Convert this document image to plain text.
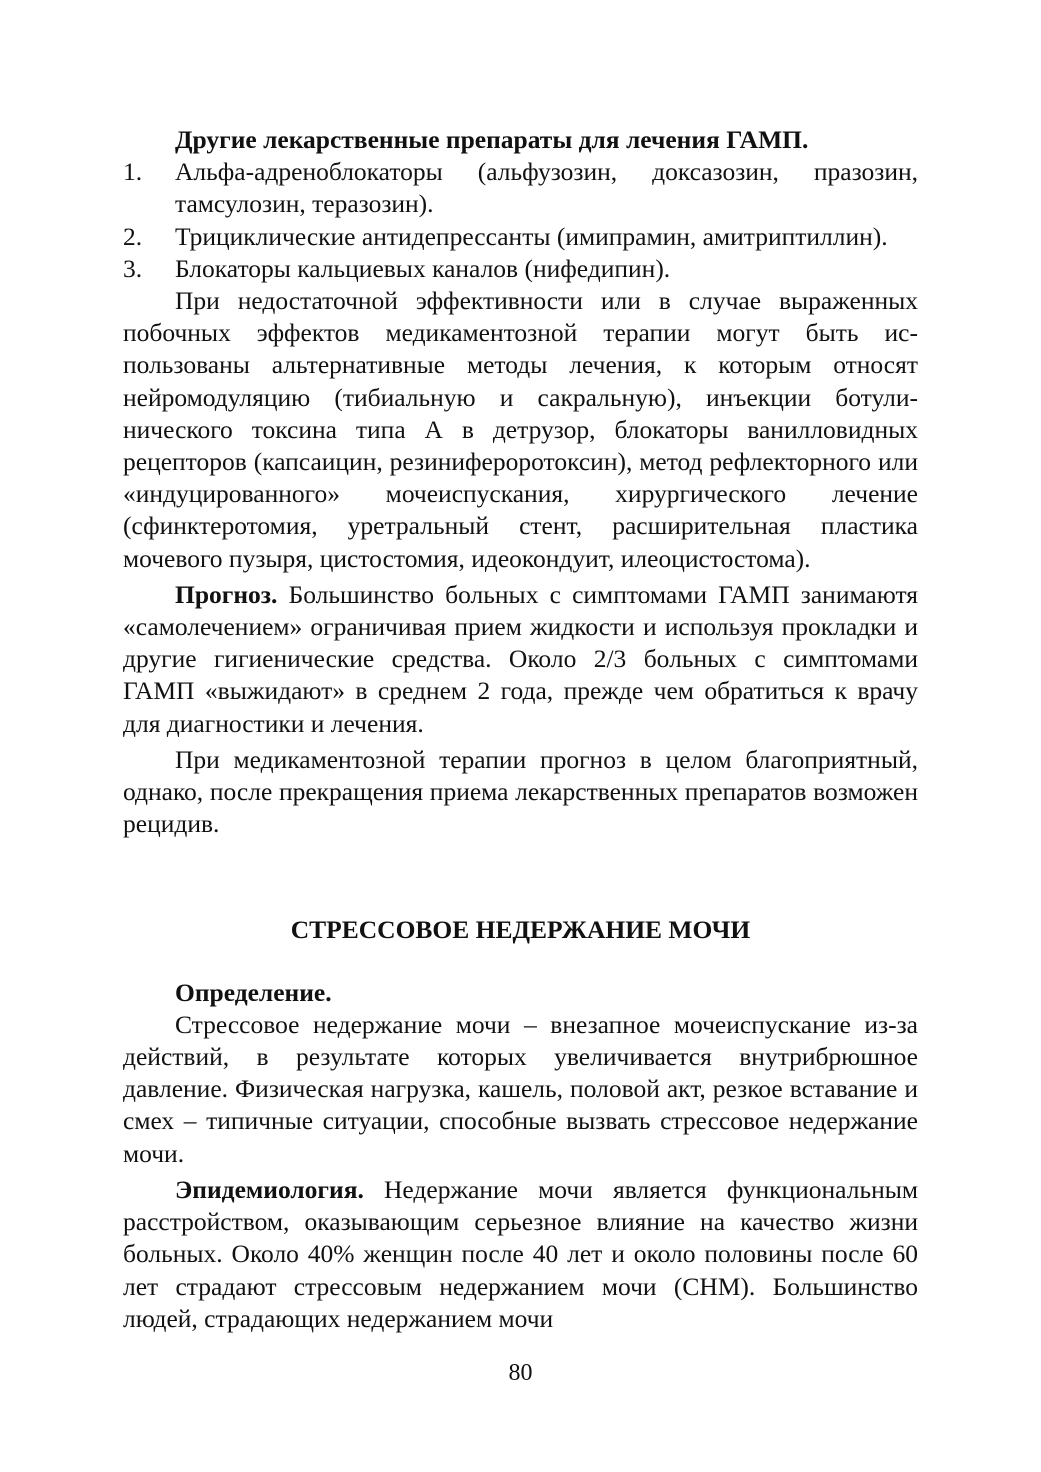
Другие лекарственные препараты для лечения ГАМП.

1. Альфа-адреноблокаторы (альфузозин, доксазозин, празозин, тамсулозин, теразозин).
2. Трициклические антидепрессанты (имипрамин, амитриптиллин).
3. Блокаторы кальциевых каналов (нифедипин).

При недостаточной эффективности или в случае выраженных побочных эффектов медикаментозной терапии могут быть использованы альтернативные методы лечения, к которым относят нейромодуляцию (тибиальную и сакральную), инъекции ботулинического токсина типа А в детрузор, блокаторы ванилловидных рецепторов (капсаицин, резинифероротоксин), метод рефлекторного или «индуцированного» мочеиспускания, хирургического лечение (сфинктеротомия, уретральный стент, расширительная пластика мочевого пузыря, цистостомия, идеокондуит, илеоцистостома).

Прогноз. Большинство больных с симптомами ГАМП занимаютя «самолечением» ограничивая прием жидкости и используя прокладки и другие гигиенические средства. Около 2/3 больных с симптомами ГАМП «выжидают» в среднем 2 года, прежде чем обратиться к врачу для диагностики и лечения.

При медикаментозной терапии прогноз в целом благоприятный, однако, после прекращения приема лекарственных препаратов возможен рецидив.

СТРЕССОВОЕ НЕДЕРЖАНИЕ МОЧИ

Определение.

Стрессовое недержание мочи – внезапное мочеиспускание из-за действий, в результате которых увеличивается внутрибрюшное давление. Физическая нагрузка, кашель, половой акт, резкое вставание и смех – типичные ситуации, способные вызвать стрессовое недержание мочи.

Эпидемиология. Недержание мочи является функциональным расстройством, оказывающим серьезное влияние на качество жизни больных. Около 40% женщин после 40 лет и около половины после 60 лет страдают стрессовым недержанием мочи (СНМ). Большинство людей, страдающих недержанием мочи

80
